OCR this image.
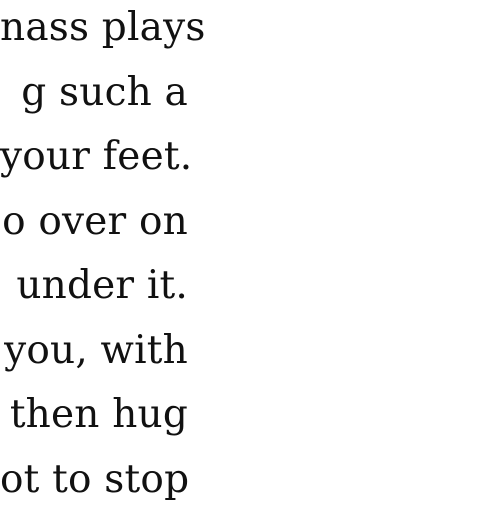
nass plays
g such a
your feet.
o over on
under it.
you, with
then hug
ot to stop
